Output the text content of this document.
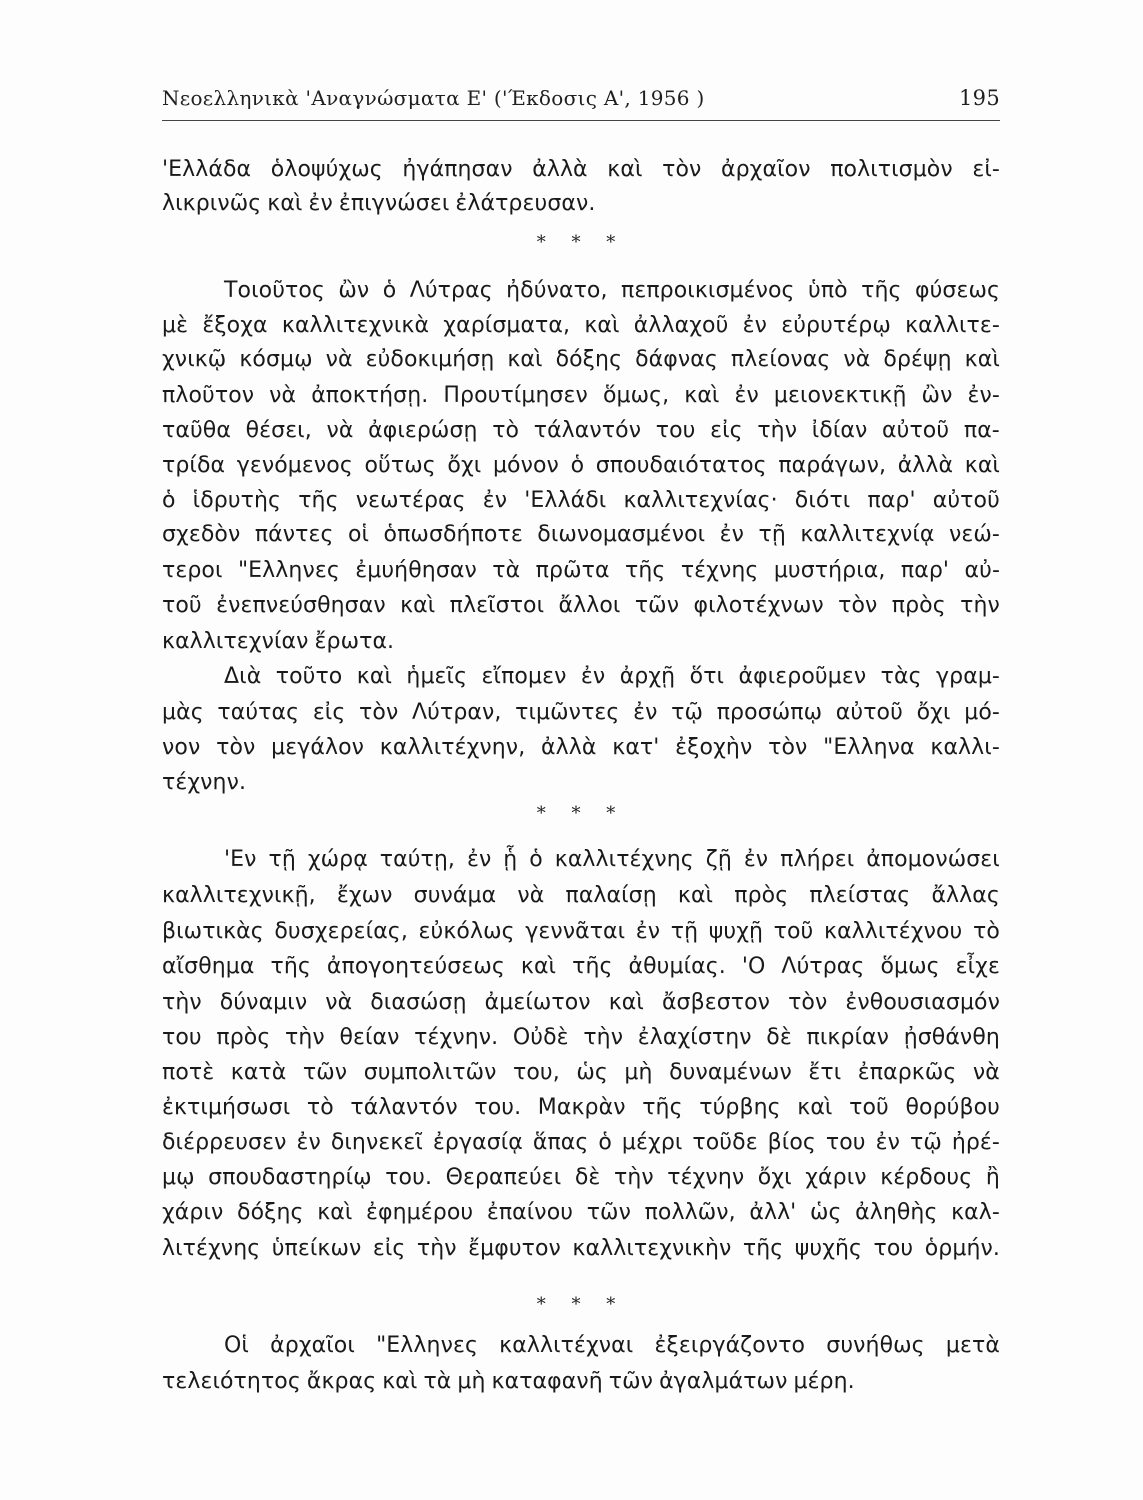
Νεοελληνικὰ 'Αναγνώσματα Ε' ('Έκδοσις Α', 1956 )	195
* * *
* * *
* * *
'Ελλάδα ὁλοψύχως ἠγάπησαν ἀλλὰ καὶ τὸν ἀρχαῖον πολιτισμὸν εἰ-
λικρινῶς καὶ ἐν ἐπιγνώσει ἐλάτρευσαν.
Τοιοῦτος ὢν ὁ Λύτρας ἠδύνατο, πεπροικισμένος ὑπὸ τῆς φύσεως
μὲ ἔξοχα καλλιτεχνικὰ χαρίσματα, καὶ ἀλλαχοῦ ἐν εὐρυτέρῳ καλλιτε-
χνικῷ κόσμῳ νὰ εὐδοκιμήσῃ καὶ δόξης δάφνας πλείονας νὰ δρέψῃ καὶ
πλοῦτον νὰ ἀποκτήσῃ. Προυτίμησεν ὅμως, καὶ ἐν μειονεκτικῇ ὢν ἐν-
ταῦθα θέσει, νὰ ἀφιερώσῃ τὸ τάλαντόν του εἰς τὴν ἰδίαν αὐτοῦ πα-
τρίδα γενόμενος οὕτως ὄχι μόνον ὁ σπουδαιότατος παράγων, ἀλλὰ καὶ
ὁ ἱδρυτὴς τῆς νεωτέρας ἐν 'Ελλάδι καλλιτεχνίας· διότι παρ' αὐτοῦ
σχεδὸν πάντες οἱ ὁπωσδήποτε διωνομασμένοι ἐν τῇ καλλιτεχνίᾳ νεώ-
τεροι "Ελληνες ἐμυήθησαν τὰ πρῶτα τῆς τέχνης μυστήρια, παρ' αὐ-
τοῦ ἐνεπνεύσθησαν καὶ πλεῖστοι ἄλλοι τῶν φιλοτέχνων τὸν πρὸς τὴν
καλλιτεχνίαν ἔρωτα.
Διὰ τοῦτο καὶ ἡμεῖς εἴπομεν ἐν ἀρχῇ ὅτι ἀφιεροῦμεν τὰς γραμ-
μὰς ταύτας εἰς τὸν Λύτραν, τιμῶντες ἐν τῷ προσώπῳ αὐτοῦ ὄχι μό-
νον τὸν μεγάλον καλλιτέχνην, ἀλλὰ κατ' ἐξοχὴν τὸν "Ελληνα καλλι-
τέχνην.
'Εν τῇ χώρᾳ ταύτῃ, ἐν ᾗ ὁ καλλιτέχνης ζῇ ἐν πλήρει ἀπομονώσει
καλλιτεχνικῇ, ἔχων συνάμα νὰ παλαίσῃ καὶ πρὸς πλείστας ἄλλας
βιωτικὰς δυσχερείας, εὐκόλως γεννᾶται ἐν τῇ ψυχῇ τοῦ καλλιτέχνου τὸ
αἴσθημα τῆς ἀπογοητεύσεως καὶ τῆς ἀθυμίας. 'Ο Λύτρας ὅμως εἶχε
τὴν δύναμιν νὰ διασώσῃ ἀμείωτον καὶ ἄσβεστον τὸν ἐνθουσιασμόν
του πρὸς τὴν θείαν τέχνην. Οὐδὲ τὴν ἐλαχίστην δὲ πικρίαν ᾐσθάνθη
ποτὲ κατὰ τῶν συμπολιτῶν του, ὡς μὴ δυναμένων ἔτι ἐπαρκῶς νὰ
ἐκτιμήσωσι τὸ τάλαντόν του. Μακρὰν τῆς τύρβης καὶ τοῦ θορύβου
διέρρευσεν ἐν διηνεκεῖ ἐργασίᾳ ἅπας ὁ μέχρι τοῦδε βίος του ἐν τῷ ἠρέ-
μῳ σπουδαστηρίῳ του. Θεραπεύει δὲ τὴν τέχνην ὄχι χάριν κέρδους ἢ
χάριν δόξης καὶ ἐφημέρου ἐπαίνου τῶν πολλῶν, ἀλλ' ὡς ἀληθὴς καλ-
λιτέχνης ὑπείκων εἰς τὴν ἔμφυτον καλλιτεχνικὴν τῆς ψυχῆς του ὁρμήν.
Οἱ ἀρχαῖοι "Ελληνες καλλιτέχναι ἐξειργάζοντο συνήθως μετὰ
τελειότητος ἄκρας καὶ τὰ μὴ καταφανῆ τῶν ἀγαλμάτων μέρη.
